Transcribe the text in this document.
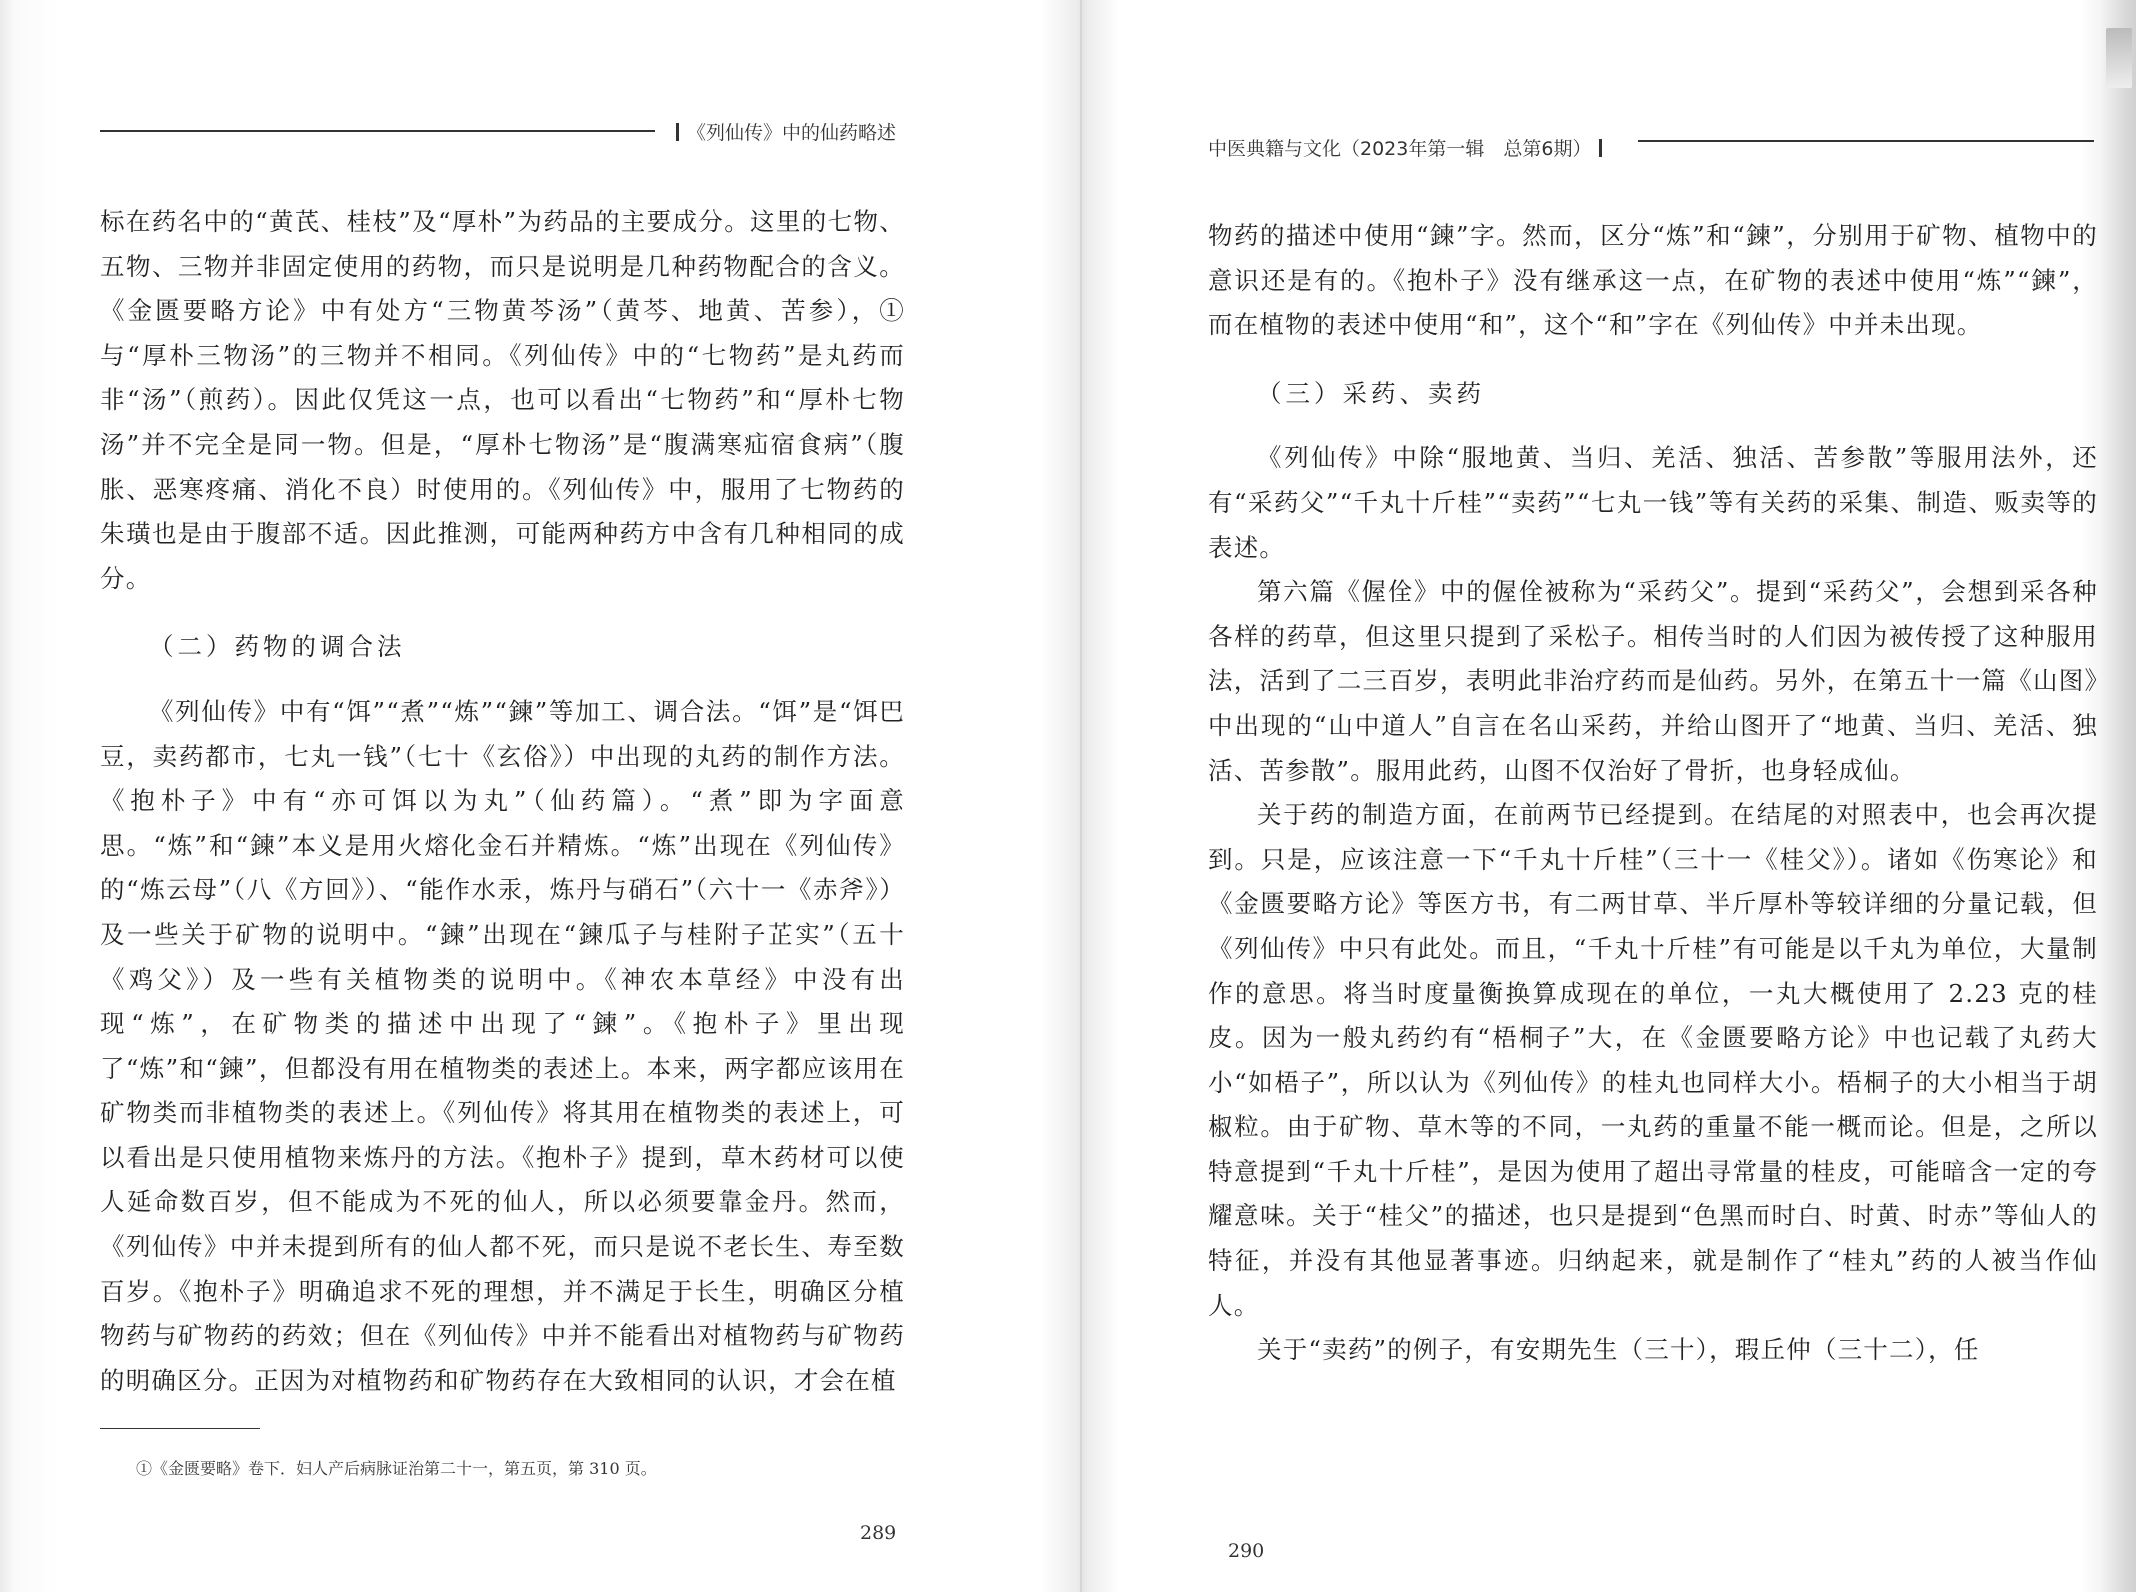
《列仙传》中的仙药略述

标在药名中的“黄芪、桂枝”及“厚朴”为药品的主要成分。这里的七物、五物、三物并非固定使用的药物，而只是说明是几种药物配合的含义。《金匮要略方论》中有处方“三物黄芩汤”（黄芩、地黄、苦参），①与“厚朴三物汤”的三物并不相同。《列仙传》中的“七物药”是丸药而非“汤”（煎药）。因此仅凭这一点，也可以看出“七物药”和“厚朴七物汤”并不完全是同一物。但是，“厚朴七物汤”是“腹满寒疝宿食病”（腹胀、恶寒疼痛、消化不良）时使用的。《列仙传》中，服用了七物药的朱璜也是由于腹部不适。因此推测，可能两种药方中含有几种相同的成分。

（二）药物的调合法

《列仙传》中有“饵”“煮”“炼”“鍊”等加工、调合法。“饵”是“饵巴豆，卖药都市，七丸一钱”（七十《玄俗》）中出现的丸药的制作方法。《抱朴子》中有“亦可饵以为丸”（仙药篇）。“煮”即为字面意思。“炼”和“鍊”本义是用火熔化金石并精炼。“炼”出现在《列仙传》的“炼云母”（八《方回》）、“能作水汞，炼丹与硝石”（六十一《赤斧》）及一些关于矿物的说明中。“鍊”出现在“鍊瓜子与桂附子芷实”（五十《鸡父》）及一些有关植物类的说明中。《神农本草经》中没有出现“炼”，在矿物类的描述中出现了“鍊”。《抱朴子》里出现了“炼”和“鍊”，但都没有用在植物类的表述上。本来，两字都应该用在矿物类而非植物类的表述上。《列仙传》将其用在植物类的表述上，可以看出是只使用植物来炼丹的方法。《抱朴子》提到，草木药材可以使人延命数百岁，但不能成为不死的仙人，所以必须要靠金丹。然而，《列仙传》中并未提到所有的仙人都不死，而只是说不老长生、寿至数百岁。《抱朴子》明确追求不死的理想，并不满足于长生，明确区分植物药与矿物药的药效；但在《列仙传》中并不能看出对植物药与矿物药的明确区分。正因为对植物药和矿物药存在大致相同的认识，才会在植

①《金匮要略》卷下．妇人产后病脉证治第二十一，第五页，第 310 页。
289
中医典籍与文化（2023年第一辑　总第6期）

物药的描述中使用“鍊”字。然而，区分“炼”和“鍊”，分别用于矿物、植物中的意识还是有的。《抱朴子》没有继承这一点，在矿物的表述中使用“炼”“鍊”，而在植物的表述中使用“和”，这个“和”字在《列仙传》中并未出现。

（三）采药、卖药

《列仙传》中除“服地黄、当归、羌活、独活、苦参散”等服用法外，还有“采药父”“千丸十斤桂”“卖药”“七丸一钱”等有关药的采集、制造、贩卖等的表述。

第六篇《偓佺》中的偓佺被称为“采药父”。提到“采药父”，会想到采各种各样的药草，但这里只提到了采松子。相传当时的人们因为被传授了这种服用法，活到了二三百岁，表明此非治疗药而是仙药。另外，在第五十一篇《山图》中出现的“山中道人”自言在名山采药，并给山图开了“地黄、当归、羌活、独活、苦参散”。服用此药，山图不仅治好了骨折，也身轻成仙。

关于药的制造方面，在前两节已经提到。在结尾的对照表中，也会再次提到。只是，应该注意一下“千丸十斤桂”（三十一《桂父》）。诸如《伤寒论》和《金匮要略方论》等医方书，有二两甘草、半斤厚朴等较详细的分量记载，但《列仙传》中只有此处。而且，“千丸十斤桂”有可能是以千丸为单位，大量制作的意思。将当时度量衡换算成现在的单位，一丸大概使用了 2.23 克的桂皮。因为一般丸药约有“梧桐子”大，在《金匮要略方论》中也记载了丸药大小“如梧子”，所以认为《列仙传》的桂丸也同样大小。梧桐子的大小相当于胡椒粒。由于矿物、草木等的不同，一丸药的重量不能一概而论。但是，之所以特意提到“千丸十斤桂”，是因为使用了超出寻常量的桂皮，可能暗含一定的夸耀意味。关于“桂父”的描述，也只是提到“色黑而时白、时黄、时赤”等仙人的特征，并没有其他显著事迹。归纳起来，就是制作了“桂丸”药的人被当作仙人。

关于“卖药”的例子，有安期先生（三十），瑕丘仲（三十二），任

290
